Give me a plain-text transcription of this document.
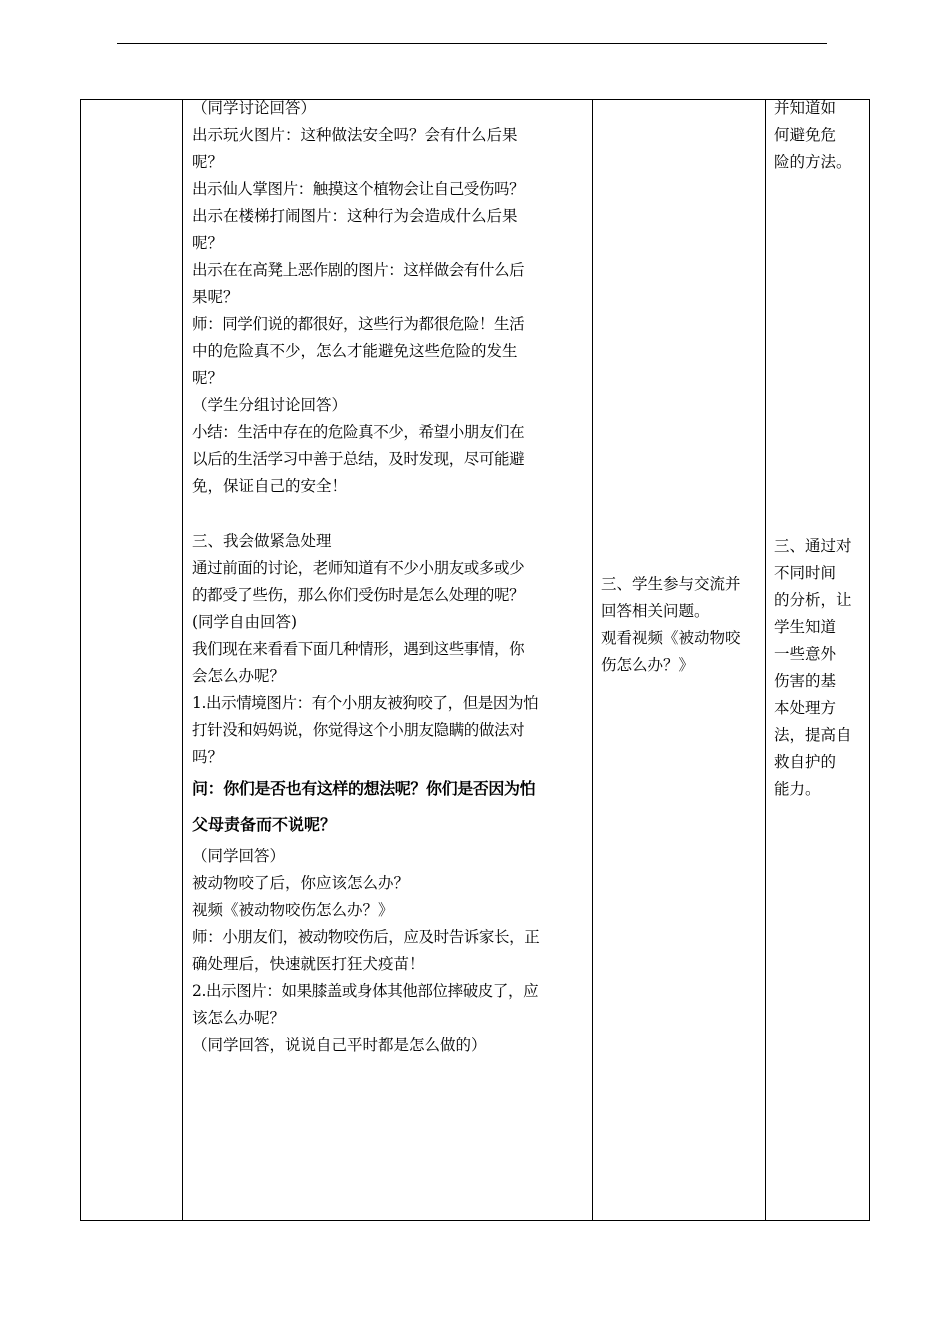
（同学讨论回答）

出示玩火图片：这种做法安全吗？会有什么后果

呢？

出示仙人掌图片：触摸这个植物会让自己受伤吗？

出示在楼梯打闹图片：这种行为会造成什么后果

呢？

出示在在高凳上恶作剧的图片：这样做会有什么后

果呢？

师：同学们说的都很好，这些行为都很危险！生活

中的危险真不少，怎么才能避免这些危险的发生

呢？

（学生分组讨论回答）

小结：生活中存在的危险真不少，希望小朋友们在

以后的生活学习中善于总结，及时发现，尽可能避

免，保证自己的安全！

三、我会做紧急处理

通过前面的讨论，老师知道有不少小朋友或多或少

的都受了些伤，那么你们受伤时是怎么处理的呢？

(同学自由回答)

我们现在来看看下面几种情形，遇到这些事情，你

会怎么办呢？

1.出示情境图片：有个小朋友被狗咬了，但是因为怕

打针没和妈妈说，你觉得这个小朋友隐瞒的做法对

吗？

问：你们是否也有这样的想法呢？你们是否因为怕

父母责备而不说呢？

（同学回答）

被动物咬了后，你应该怎么办？

视频《被动物咬伤怎么办？》

师：小朋友们，被动物咬伤后，应及时告诉家长，正

确处理后，快速就医打狂犬疫苗！

2.出示图片：如果膝盖或身体其他部位摔破皮了，应

该怎么办呢？

（同学回答，说说自己平时都是怎么做的）

三、学生参与交流并

回答相关问题。

观看视频《被动物咬

伤怎么办？》

并知道如

何避免危

险的方法。

三、通过对

不同时间

的分析，让

学生知道

一些意外

伤害的基

本处理方

法，提高自

救自护的

能力。
